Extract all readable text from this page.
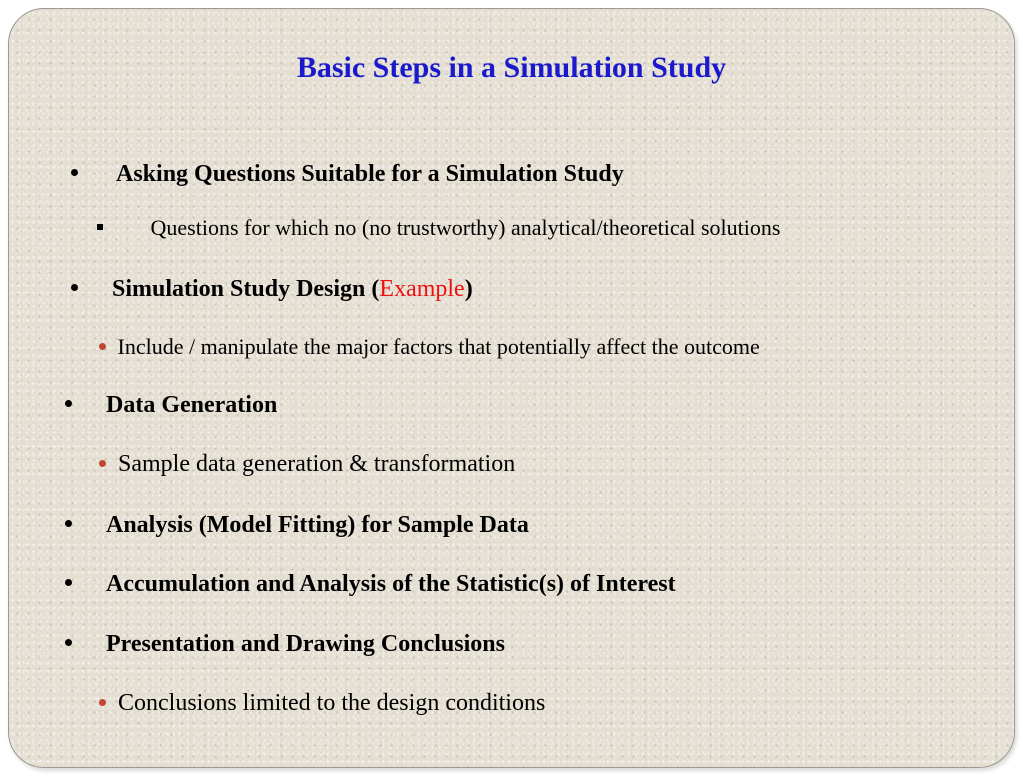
Basic Steps in a Simulation Study
Asking Questions Suitable for a Simulation Study
Questions for which no (no trustworthy) analytical/theoretical solutions
Simulation Study Design (Example)
Include / manipulate the major factors that potentially affect the outcome
Data Generation
Sample data generation & transformation
Analysis (Model Fitting) for Sample Data
Accumulation and Analysis of the Statistic(s) of Interest
Presentation and Drawing Conclusions
Conclusions limited to the design conditions
